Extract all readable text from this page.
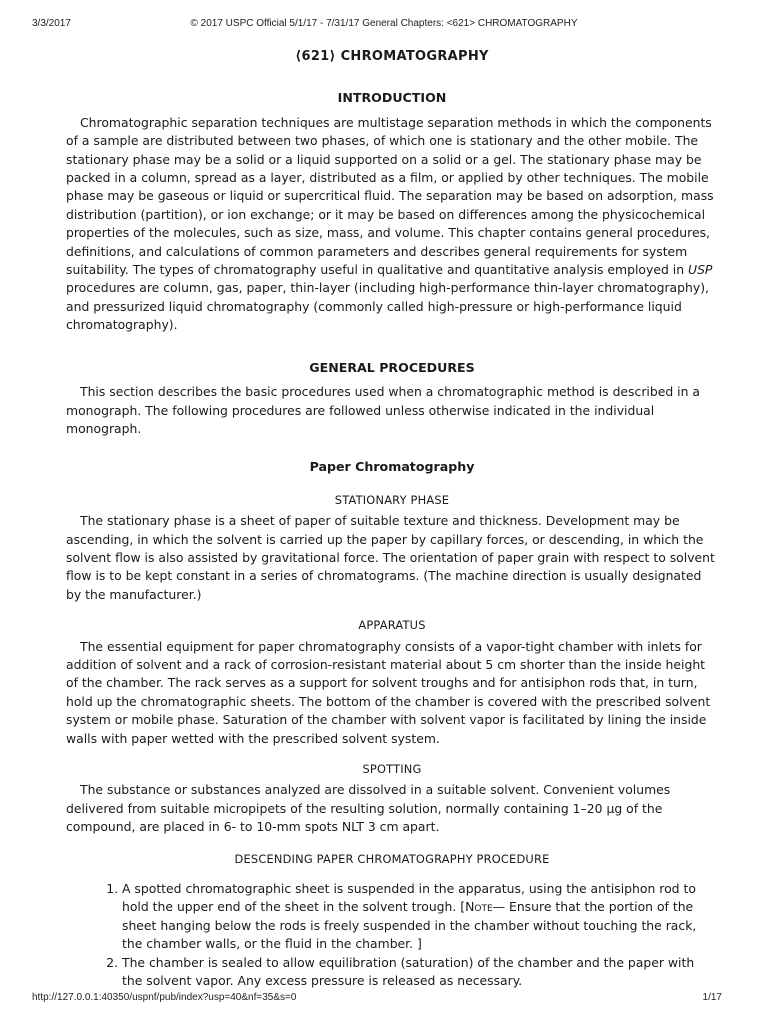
3/3/2017	© 2017 USPC Official 5/1/17 - 7/31/17 General Chapters: <621> CHROMATOGRAPHY
⟨621⟩ CHROMATOGRAPHY
INTRODUCTION

Chromatographic separation techniques are multistage separation methods in which the components of a sample are distributed between two phases, of which one is stationary and the other mobile. The stationary phase may be a solid or a liquid supported on a solid or a gel. The stationary phase may be packed in a column, spread as a layer, distributed as a film, or applied by other techniques. The mobile phase may be gaseous or liquid or supercritical fluid. The separation may be based on adsorption, mass distribution (partition), or ion exchange; or it may be based on differences among the physicochemical properties of the molecules, such as size, mass, and volume. This chapter contains general procedures, definitions, and calculations of common parameters and describes general requirements for system suitability. The types of chromatography useful in qualitative and quantitative analysis employed in USP procedures are column, gas, paper, thin-layer (including high-performance thin-layer chromatography), and pressurized liquid chromatography (commonly called high-pressure or high-performance liquid chromatography).

GENERAL PROCEDURES

This section describes the basic procedures used when a chromatographic method is described in a monograph. The following procedures are followed unless otherwise indicated in the individual monograph.

Paper Chromatography
STATIONARY PHASE

The stationary phase is a sheet of paper of suitable texture and thickness. Development may be ascending, in which the solvent is carried up the paper by capillary forces, or descending, in which the solvent flow is also assisted by gravitational force. The orientation of paper grain with respect to solvent flow is to be kept constant in a series of chromatograms. (The machine direction is usually designated by the manufacturer.)

APPARATUS

The essential equipment for paper chromatography consists of a vapor-tight chamber with inlets for addition of solvent and a rack of corrosion-resistant material about 5 cm shorter than the inside height of the chamber. The rack serves as a support for solvent troughs and for antisiphon rods that, in turn, hold up the chromatographic sheets. The bottom of the chamber is covered with the prescribed solvent system or mobile phase. Saturation of the chamber with solvent vapor is facilitated by lining the inside walls with paper wetted with the prescribed solvent system.

SPOTTING

The substance or substances analyzed are dissolved in a suitable solvent. Convenient volumes delivered from suitable micropipets of the resulting solution, normally containing 1–20 µg of the compound, are placed in 6- to 10-mm spots NLT 3 cm apart.

DESCENDING PAPER CHROMATOGRAPHY PROCEDURE
1. A spotted chromatographic sheet is suspended in the apparatus, using the antisiphon rod to hold the upper end of the sheet in the solvent trough. [Note— Ensure that the portion of the sheet hanging below the rods is freely suspended in the chamber without touching the rack, the chamber walls, or the fluid in the chamber. ]
2. The chamber is sealed to allow equilibration (saturation) of the chamber and the paper with the solvent vapor. Any excess pressure is released as necessary.
http://127.0.0.1:40350/uspnf/pub/index?usp=40&nf=35&s=0	1/17
